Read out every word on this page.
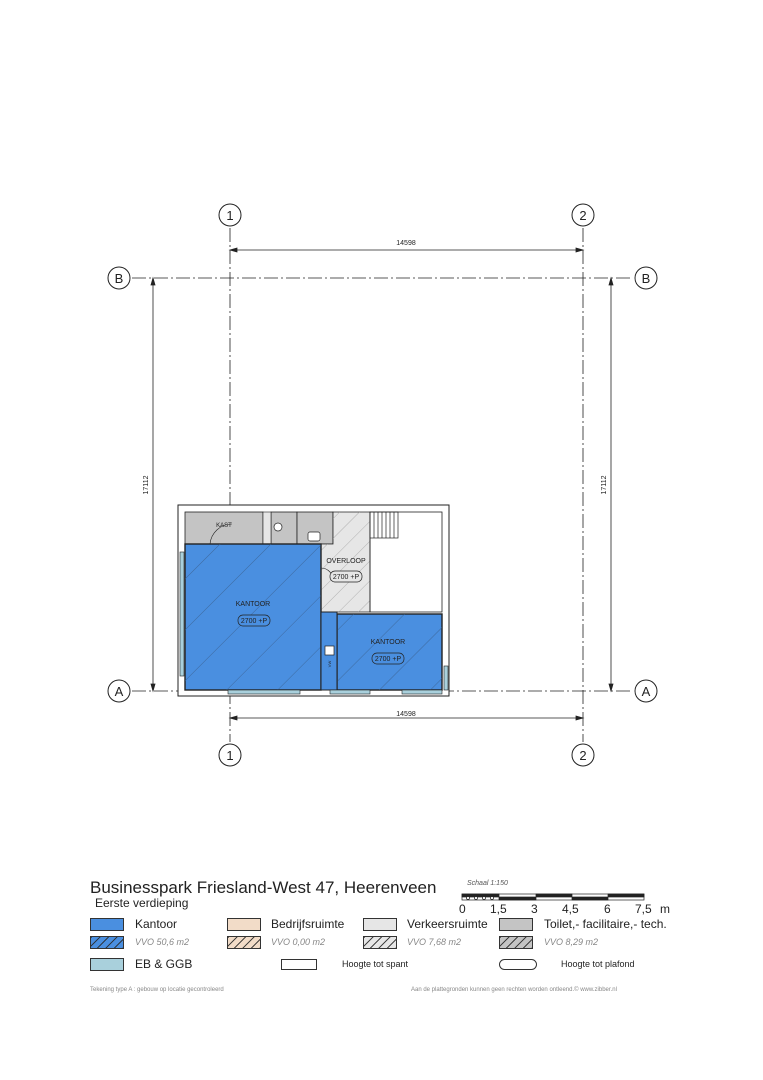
1	2
1	2
B	B
A	A
14598
14598
17112	17112
KAST
OVERLOOP
KANTOOR
KANTOOR
VW
2700 +P
2700 +P
2700 +P
Businesspark Friesland-West 47, Heerenveen
Eerste verdieping
Schaal 1:150
0 1,5 3 4,5 6 7,5 m
Kantoor	Bedrijfsruimte	Verkeersruimte	Toilet,- facilitaire,- tech.
VVO 50,6 m2	VVO 0,00 m2	VVO 7,68 m2	VVO 8,29 m2
EB & GGB	Hoogte tot spant	Hoogte tot plafond
Tekening type A : gebouw op locatie gecontroleerd	Aan de plattegronden kunnen geen rechten worden ontleend.© www.zibber.nl
